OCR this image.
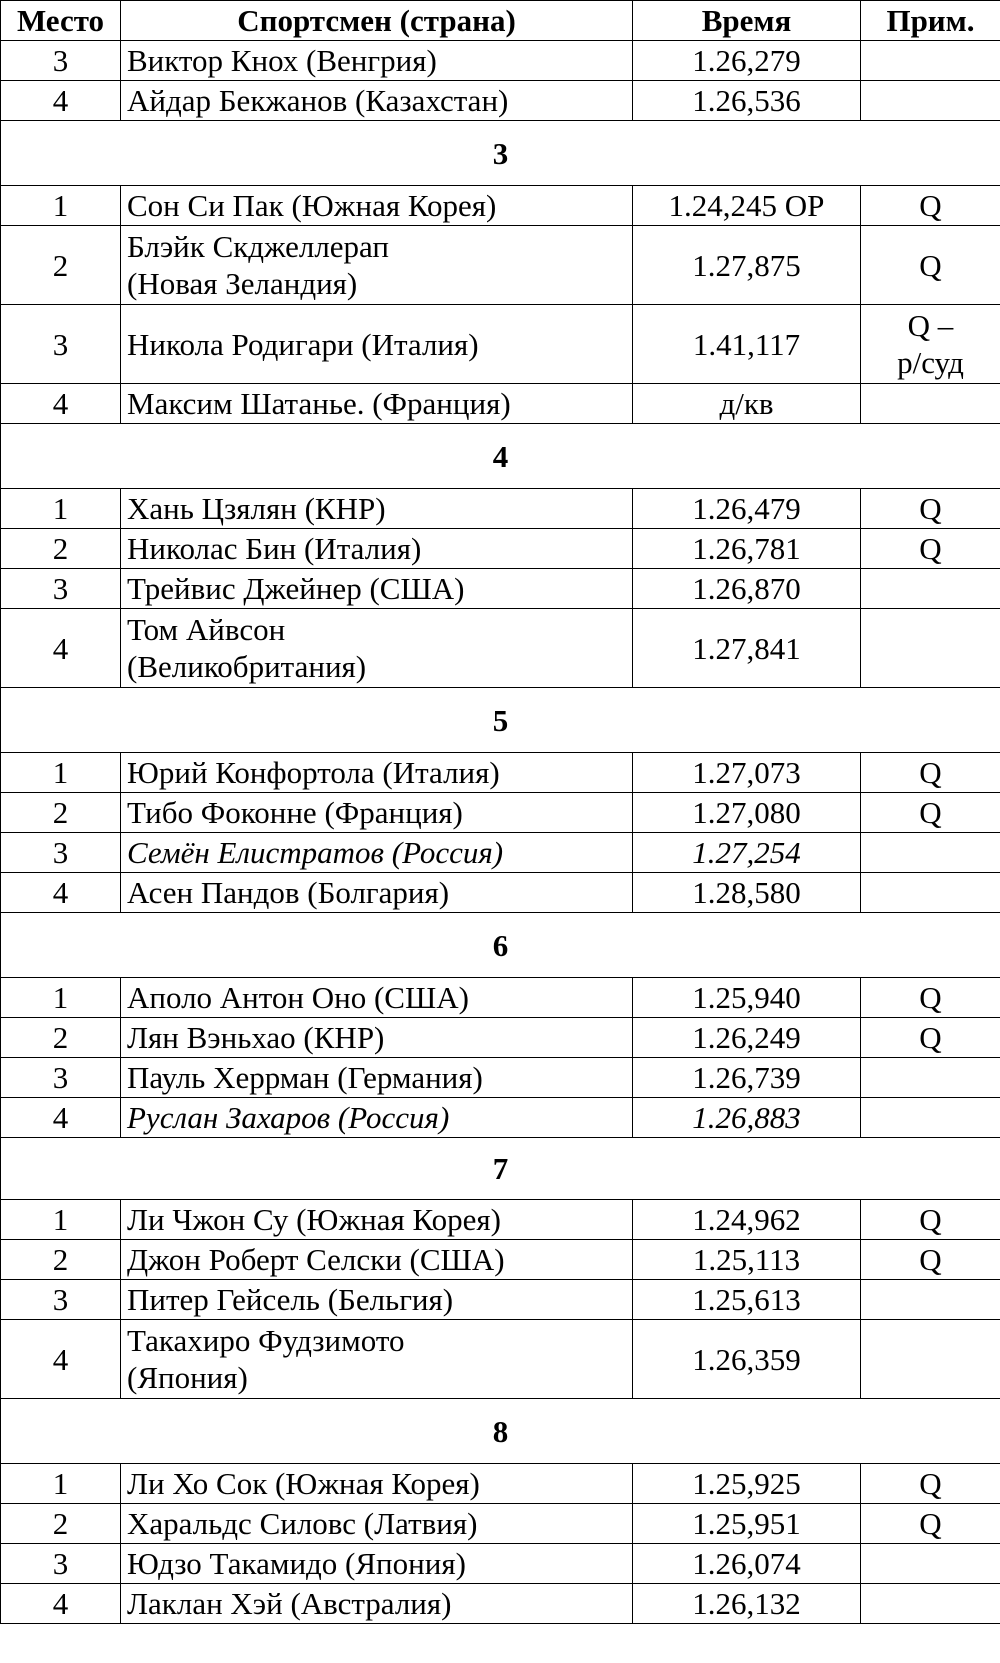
Место	Спортсмен (страна)	Время	Прим.
3	Виктор Кнох (Венгрия)	1.26,279	
4	Айдар Бекжанов (Казахстан)	1.26,536	
3			
1	Сон Си Пак (Южная Корея)	1.24,245 ОР	Q
2	Блэйк Скджеллерап
(Новая Зеландия)	1.27,875	Q
3	Никола Родигари (Италия)	1.41,117	Q –
р/суд
4	Максим Шатанье. (Франция)	д/кв	
4			
1	Хань Цзялян (КНР)	1.26,479	Q
2	Николас Бин (Италия)	1.26,781	Q
3	Трейвис Джейнер (США)	1.26,870	
4	Том Айвсон
(Великобритания)	1.27,841	
5			
1	Юрий Конфортола (Италия)	1.27,073	Q
2	Тибо Фоконне (Франция)	1.27,080	Q
3	Семён Елистратов (Россия)	1.27,254	
4	Асен Пандов (Болгария)	1.28,580	
6			
1	Аполо Антон Оно (США)	1.25,940	Q
2	Лян Вэньхао (КНР)	1.26,249	Q
3	Пауль Херрман (Германия)	1.26,739	
4	Руслан Захаров (Россия)	1.26,883	
7			
1	Ли Чжон Су (Южная Корея)	1.24,962	Q
2	Джон Роберт Селски (США)	1.25,113	Q
3	Питер Гейсель (Бельгия)	1.25,613	
4	Такахиро Фудзимото
(Япония)	1.26,359	
8			
1	Ли Хо Сок (Южная Корея)	1.25,925	Q
2	Харальдс Силовс (Латвия)	1.25,951	Q
3	Юдзо Такамидо (Япония)	1.26,074	
4	Лаклан Хэй (Австралия)	1.26,132	
